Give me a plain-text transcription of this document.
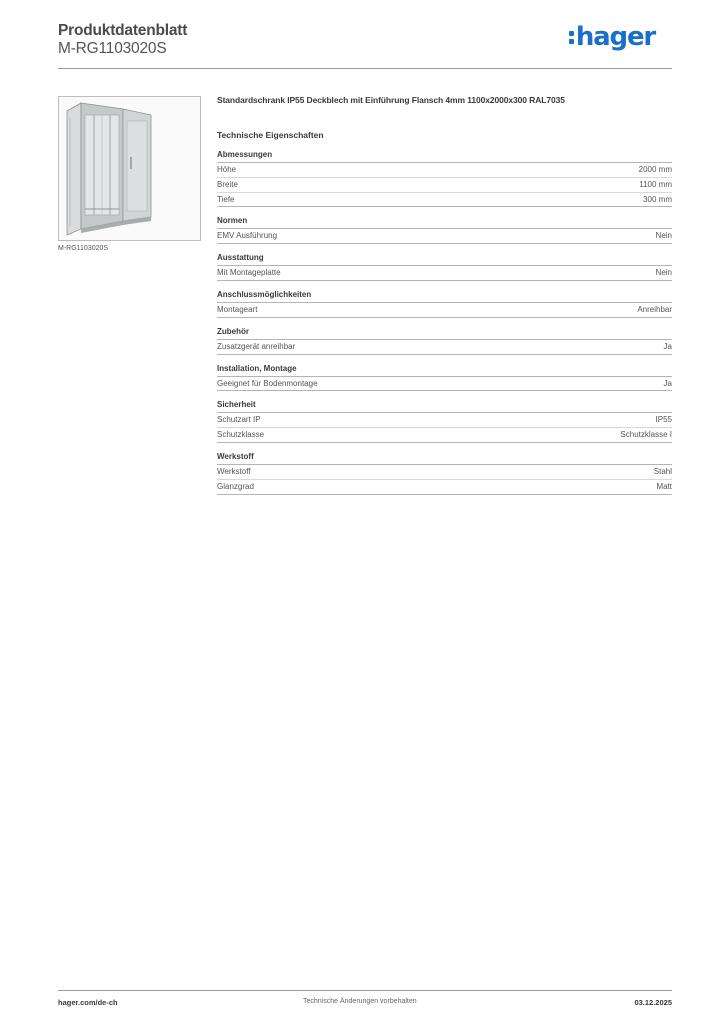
Produktdatenblatt
M-RG1103020S	hager
M-RG1103020S
Standardschrank IP55 Deckblech mit Einführung Flansch 4mm 1100x2000x300 RAL7035
Technische Eigenschaften
Abmessungen
Höhe	2000 mm
Breite	1100 mm
Tiefe	300 mm
Normen
EMV Ausführung	Nein
Ausstattung
Mit Montageplatte	Nein
Anschlussmöglichkeiten
Montageart	Anreihbar
Zubehör
Zusatzgerät anreihbar	Ja
Installation, Montage
Geeignet für Bodenmontage	Ja
Sicherheit
Schutzart IP	IP55
Schutzklasse	Schutzklasse I
Werkstoff
Werkstoff	Stahl
Glanzgrad	Matt
hager.com/de-ch	Technische Änderungen vorbehalten	03.12.2025
